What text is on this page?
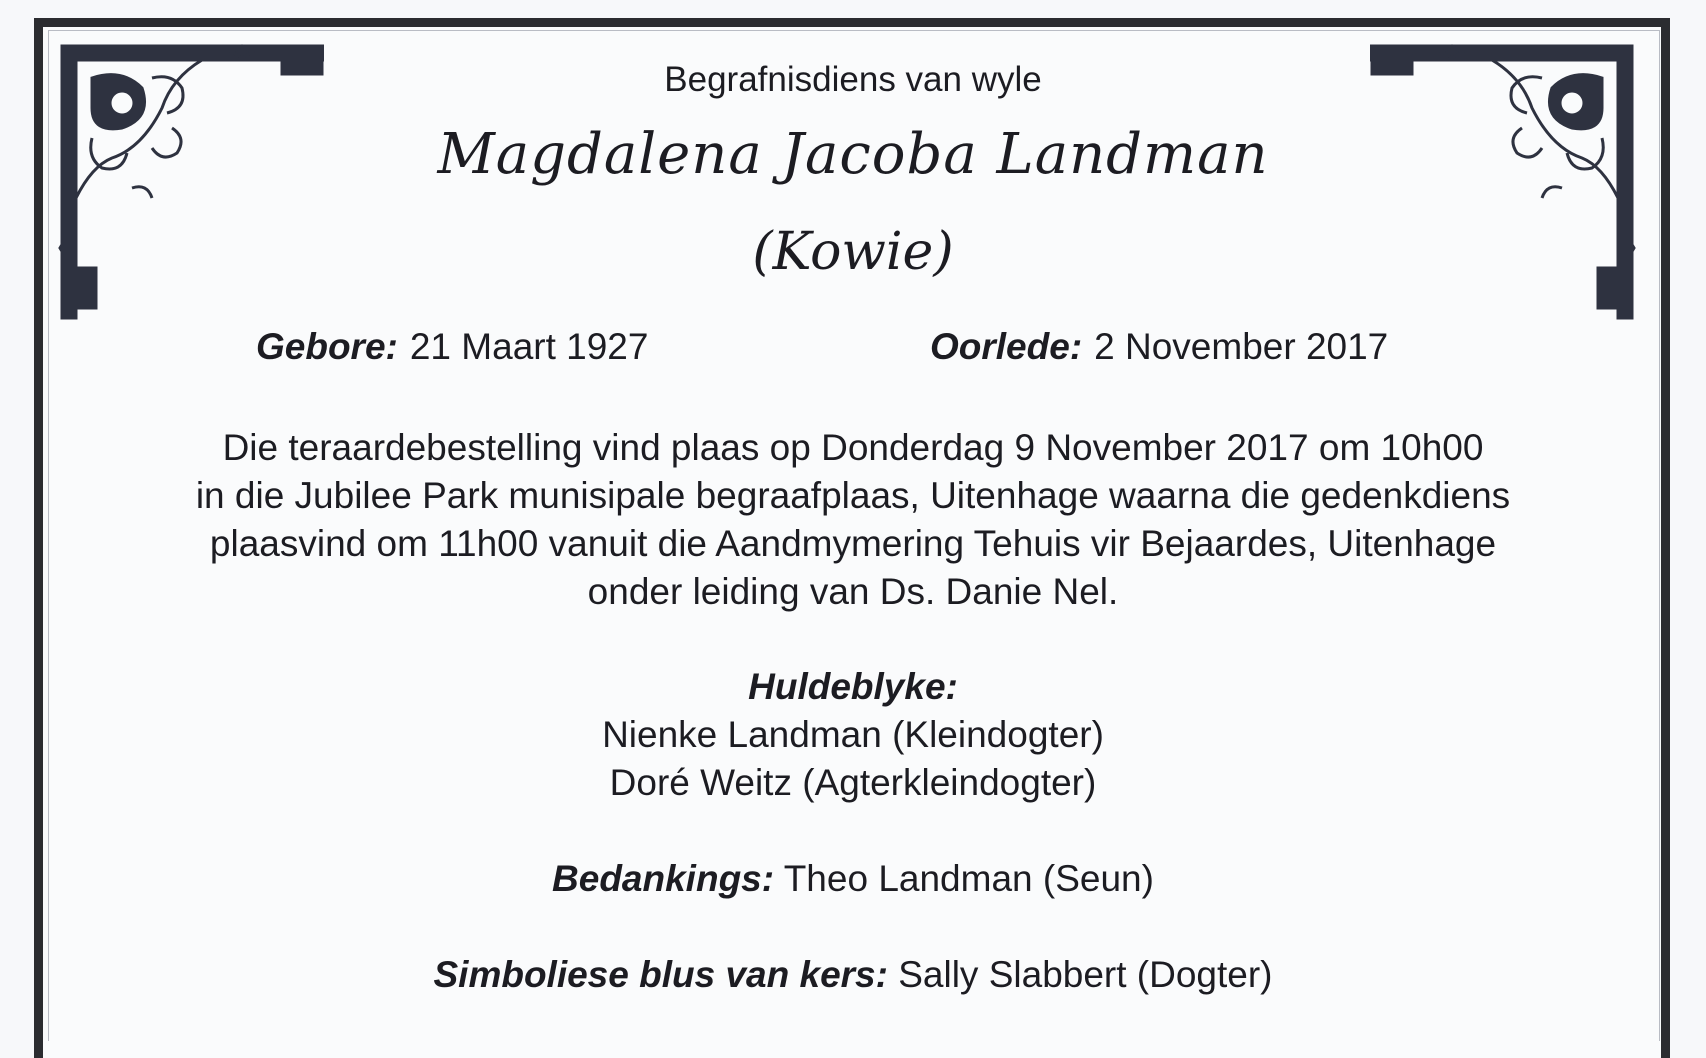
Begrafnisdiens van wyle
Magdalena Jacoba Landman
(Kowie)
Gebore: 21 Maart 1927	Oorlede: 2 November 2017
Die teraardebestelling vind plaas op Donderdag 9 November 2017 om 10h00
in die Jubilee Park munisipale begraafplaas, Uitenhage waarna die gedenkdiens
plaasvind om 11h00 vanuit die Aandmymering Tehuis vir Bejaardes, Uitenhage
onder leiding van Ds. Danie Nel.
Huldeblyke:
Nienke Landman (Kleindogter)
Doré Weitz (Agterkleindogter)
Bedankings: Theo Landman (Seun)
Simboliese blus van kers: Sally Slabbert (Dogter)
